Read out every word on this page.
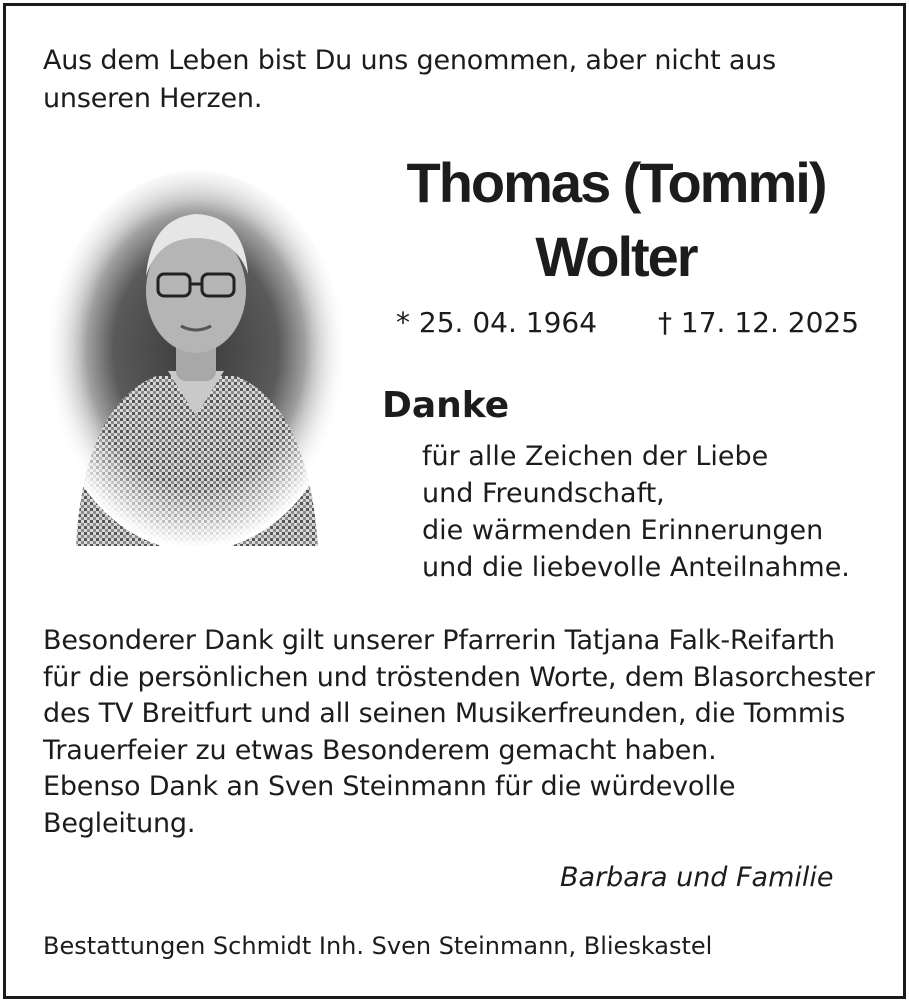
Aus dem Leben bist Du uns genommen, aber nicht aus
unseren Herzen.
Thomas (Tommi)
Wolter
* 25. 04. 1964 † 17. 12. 2025
Danke
für alle Zeichen der Liebe
und Freundschaft,
die wärmenden Erinnerungen
und die liebevolle Anteilnahme.
Besonderer Dank gilt unserer Pfarrerin Tatjana Falk-Reifarth
für die persönlichen und tröstenden Worte, dem Blasorchester
des TV Breitfurt und all seinen Musikerfreunden, die Tommis
Trauerfeier zu etwas Besonderem gemacht haben.
Ebenso Dank an Sven Steinmann für die würdevolle
Begleitung.
Barbara und Familie
Bestattungen Schmidt Inh. Sven Steinmann, Blieskastel
